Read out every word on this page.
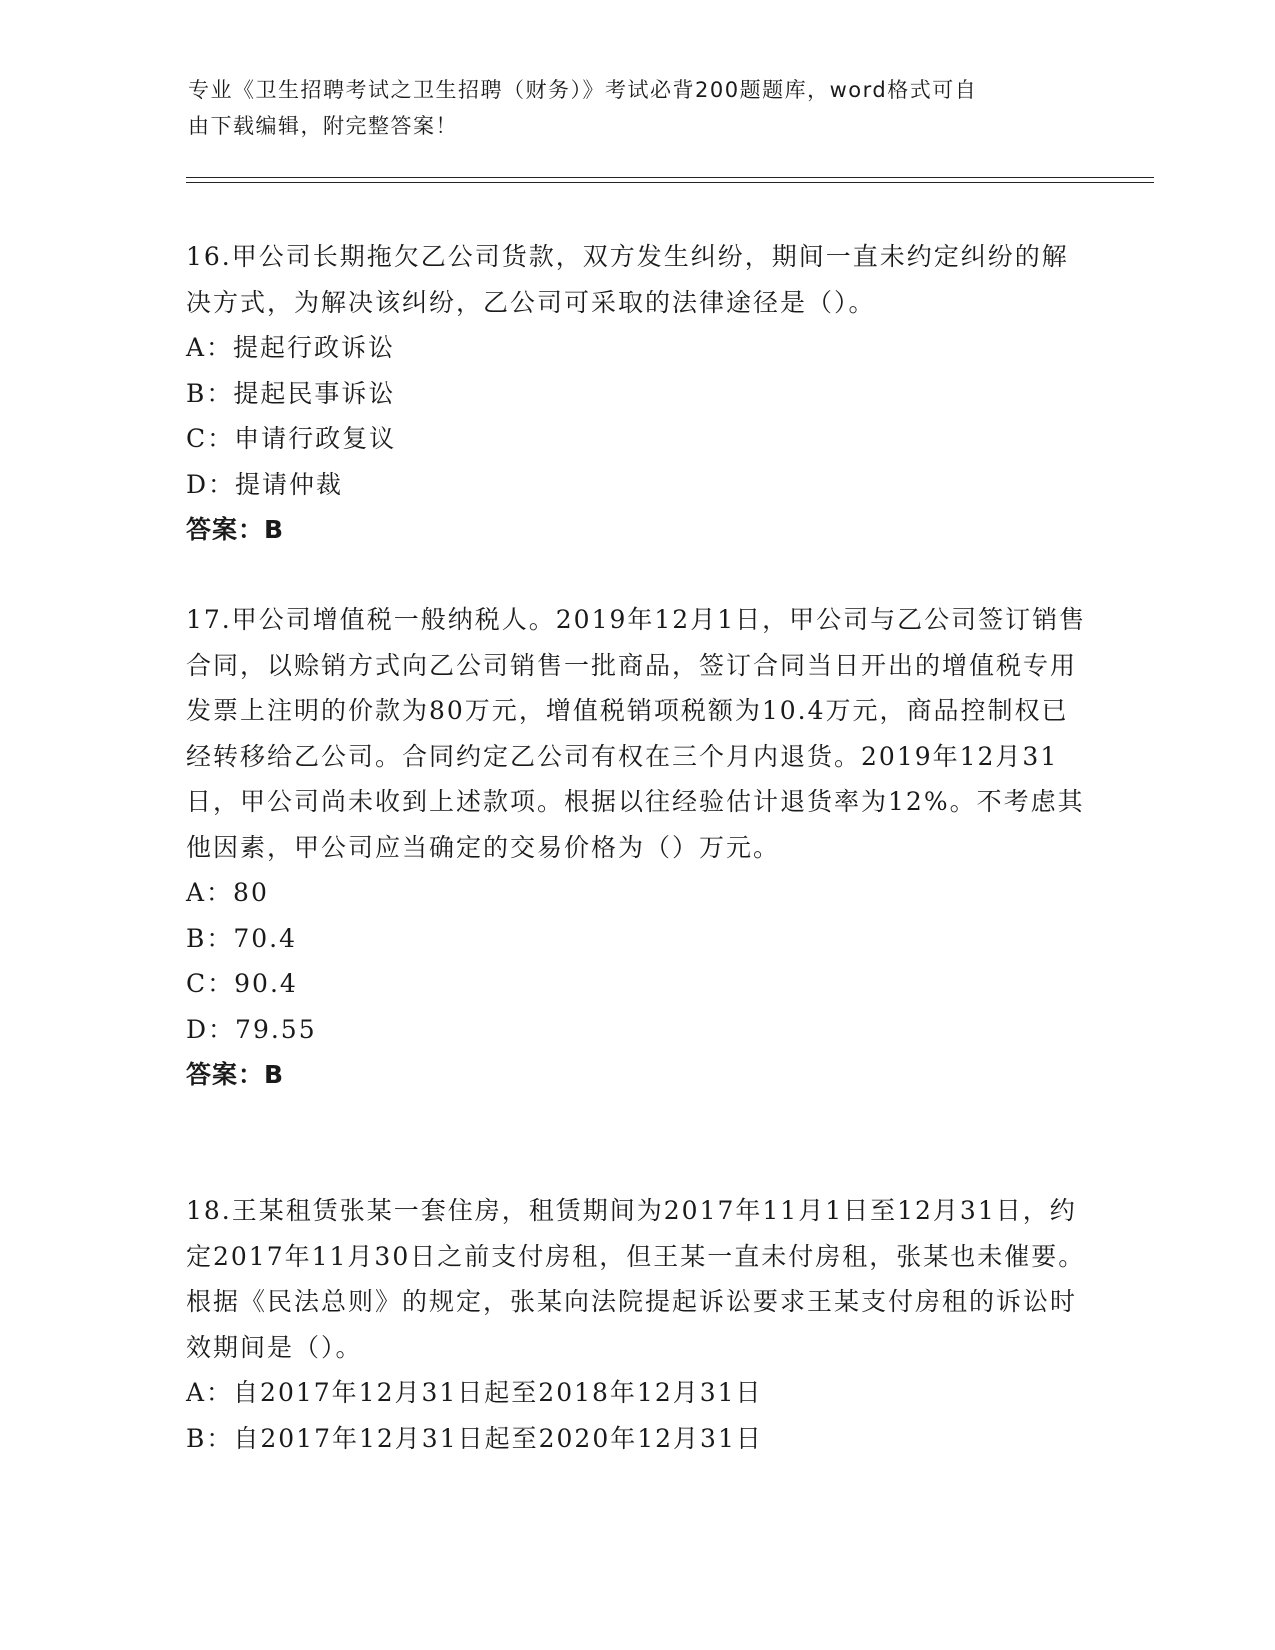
专业《卫生招聘考试之卫生招聘（财务）》考试必背200题题库，word格式可自
由下载编辑，附完整答案！
16.甲公司长期拖欠乙公司货款，双方发生纠纷，期间一直未约定纠纷的解决方式，为解决该纠纷，乙公司可采取的法律途径是（）。
A：提起行政诉讼
B：提起民事诉讼
C：申请行政复议
D：提请仲裁
答案：B
17.甲公司增值税一般纳税人。2019年12月1日，甲公司与乙公司签订销售合同，以赊销方式向乙公司销售一批商品，签订合同当日开出的增值税专用发票上注明的价款为80万元，增值税销项税额为10.4万元，商品控制权已经转移给乙公司。合同约定乙公司有权在三个月内退货。2019年12月31日，甲公司尚未收到上述款项。根据以往经验估计退货率为12%。不考虑其他因素，甲公司应当确定的交易价格为（）万元。
A：80
B：70.4
C：90.4
D：79.55
答案：B
18.王某租赁张某一套住房，租赁期间为2017年11月1日至12月31日，约定2017年11月30日之前支付房租，但王某一直未付房租，张某也未催要。根据《民法总则》的规定，张某向法院提起诉讼要求王某支付房租的诉讼时效期间是（）。
A：自2017年12月31日起至2018年12月31日
B：自2017年12月31日起至2020年12月31日
